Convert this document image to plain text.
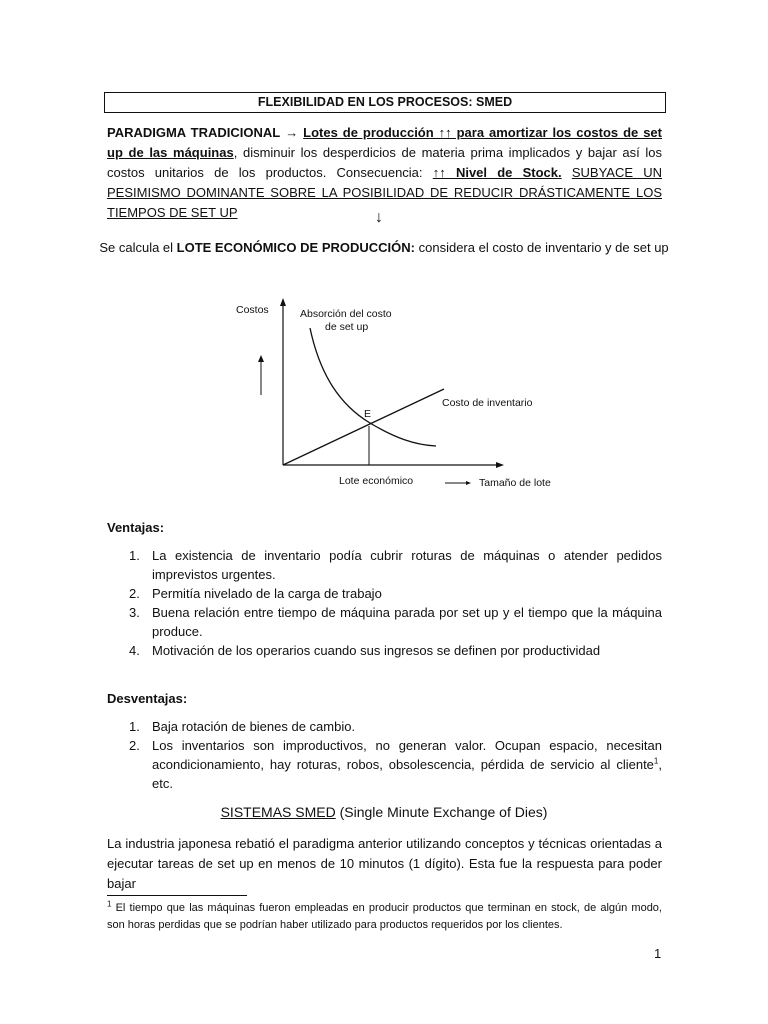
FLEXIBILIDAD EN LOS PROCESOS: SMED
PARADIGMA TRADICIONAL → Lotes de producción ↑↑ para amortizar los costos de set up de las máquinas, disminuir los desperdicios de materia prima implicados y bajar así los costos unitarios de los productos. Consecuencia: ↑↑ Nivel de Stock. SUBYACE UN PESIMISMO DOMINANTE SOBRE LA POSIBILIDAD DE REDUCIR DRÁSTICAMENTE LOS TIEMPOS DE SET UP	↓
Se calcula el LOTE ECONÓMICO DE PRODUCCIÓN: considera el costo de inventario y de set up
Costos	Absorción del costo
de set up
Costo de inventario
E
Lote económico	Tamaño de lote
Ventajas:
1. La existencia de inventario podía cubrir roturas de máquinas o atender pedidos imprevistos urgentes.
2. Permitía nivelado de la carga de trabajo
3. Buena relación entre tiempo de máquina parada por set up y el tiempo que la máquina produce.
4. Motivación de los operarios cuando sus ingresos se definen por productividad
Desventajas:
1. Baja rotación de bienes de cambio.
2. Los inventarios son improductivos, no generan valor. Ocupan espacio, necesitan acondicionamiento, hay roturas, robos, obsolescencia, pérdida de servicio al cliente$^1$, etc.
SISTEMAS SMED (Single Minute Exchange of Dies)
La industria japonesa rebatió el paradigma anterior utilizando conceptos y técnicas orientadas a ejecutar tareas de set up en menos de 10 minutos (1 dígito). Esta fue la respuesta para poder bajar
$^1$ El tiempo que las máquinas fueron empleadas en producir productos que terminan en stock, de algún modo, son horas perdidas que se podrían haber utilizado para productos requeridos por los clientes.
1
